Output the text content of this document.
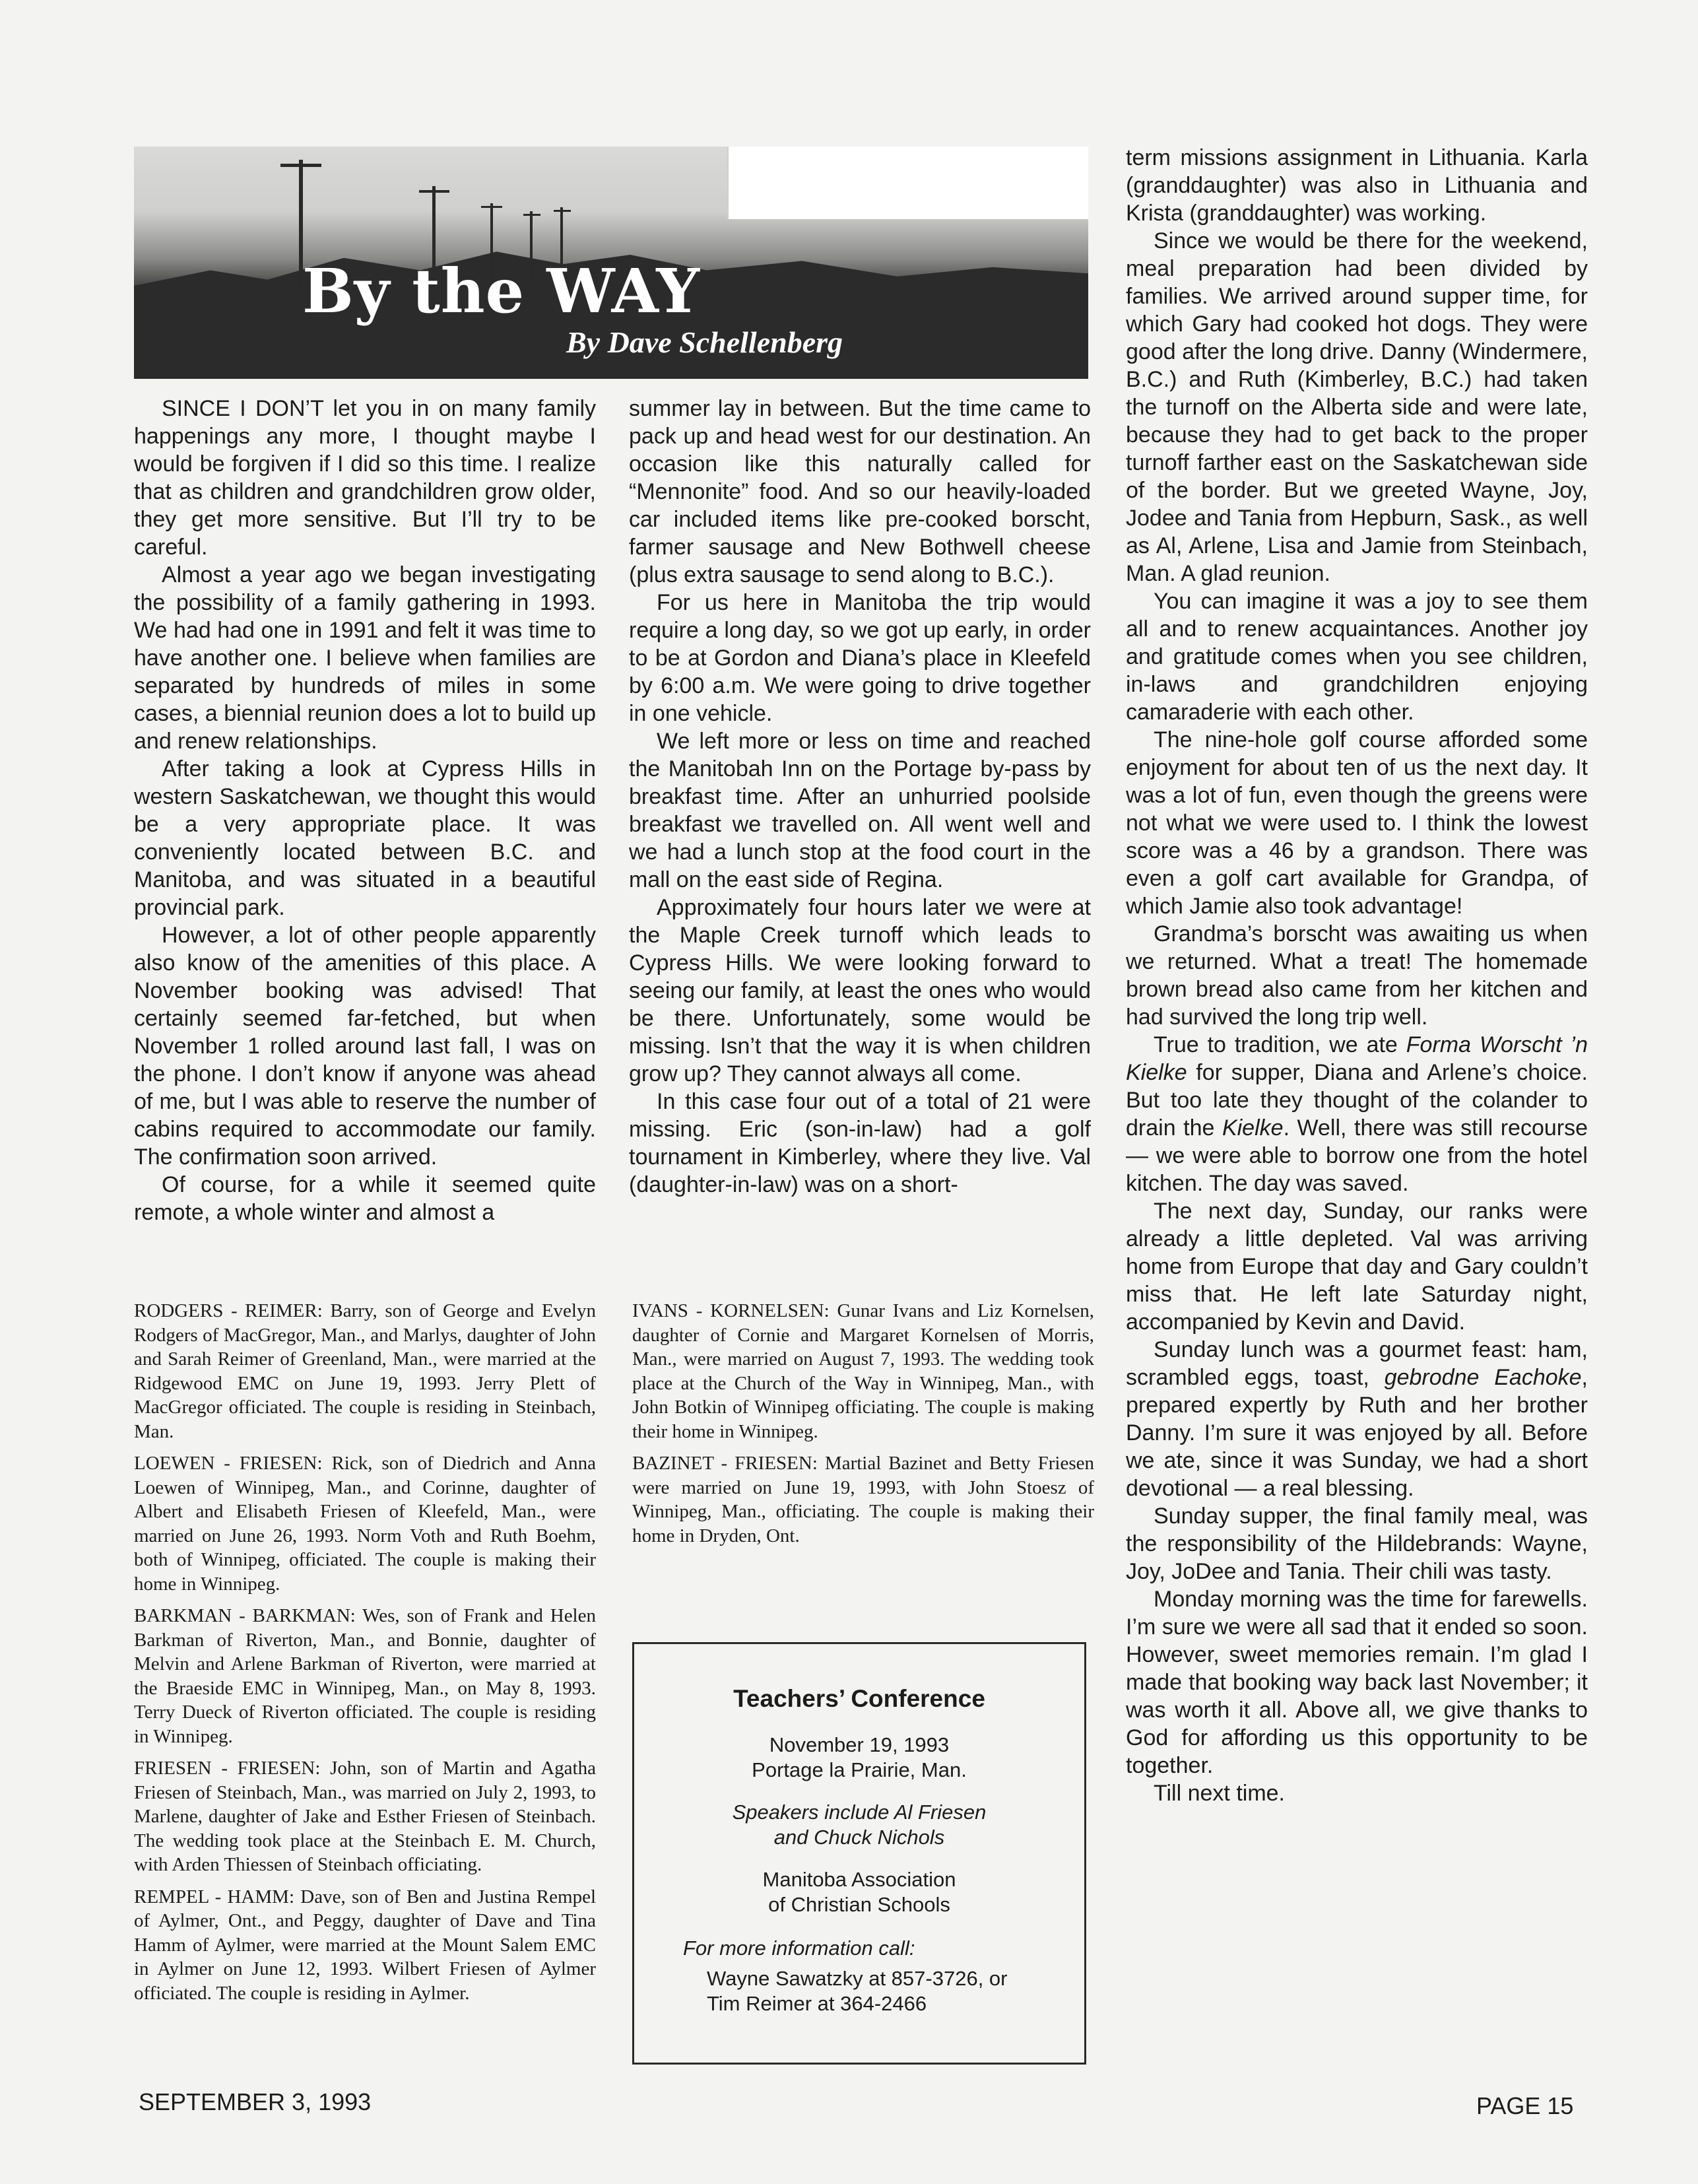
By the WAY
By Dave Schellenberg

SINCE I DON’T let you in on many family happenings any more, I thought maybe I would be forgiven if I did so this time. I realize that as children and grandchildren grow older, they get more sensitive. But I’ll try to be careful.

Almost a year ago we began investigating the possibility of a family gathering in 1993. We had had one in 1991 and felt it was time to have another one. I believe when families are separated by hundreds of miles in some cases, a biennial reunion does a lot to build up and renew relationships.

After taking a look at Cypress Hills in western Saskatchewan, we thought this would be a very appropriate place. It was conveniently located between B.C. and Manitoba, and was situated in a beautiful provincial park.

However, a lot of other people apparently also know of the amenities of this place. A November booking was advised! That certainly seemed far-fetched, but when November 1 rolled around last fall, I was on the phone. I don’t know if anyone was ahead of me, but I was able to reserve the number of cabins required to accommodate our family. The confirmation soon arrived.

Of course, for a while it seemed quite remote, a whole winter and almost a

summer lay in between. But the time came to pack up and head west for our destination. An occasion like this naturally called for “Mennonite” food. And so our heavily-loaded car included items like pre-cooked borscht, farmer sausage and New Bothwell cheese (plus extra sausage to send along to B.C.).

For us here in Manitoba the trip would require a long day, so we got up early, in order to be at Gordon and Diana’s place in Kleefeld by 6:00 a.m. We were going to drive together in one vehicle.

We left more or less on time and reached the Manitobah Inn on the Portage by-pass by breakfast time. After an unhurried poolside breakfast we travelled on. All went well and we had a lunch stop at the food court in the mall on the east side of Regina.

Approximately four hours later we were at the Maple Creek turnoff which leads to Cypress Hills. We were looking forward to seeing our family, at least the ones who would be there. Unfortunately, some would be missing. Isn’t that the way it is when children grow up? They cannot always all come.

In this case four out of a total of 21 were missing. Eric (son-in-law) had a golf tournament in Kimberley, where they live. Val (daughter-in-law) was on a short-

term missions assignment in Lithuania. Karla (granddaughter) was also in Lithuania and Krista (granddaughter) was working.

Since we would be there for the weekend, meal preparation had been divided by families. We arrived around supper time, for which Gary had cooked hot dogs. They were good after the long drive. Danny (Windermere, B.C.) and Ruth (Kimberley, B.C.) had taken the turnoff on the Alberta side and were late, because they had to get back to the proper turnoff farther east on the Saskatchewan side of the border. But we greeted Wayne, Joy, Jodee and Tania from Hepburn, Sask., as well as Al, Arlene, Lisa and Jamie from Steinbach, Man. A glad reunion.

You can imagine it was a joy to see them all and to renew acquaintances. Another joy and gratitude comes when you see children, in-laws and grandchildren enjoying camaraderie with each other.

The nine-hole golf course afforded some enjoyment for about ten of us the next day. It was a lot of fun, even though the greens were not what we were used to. I think the lowest score was a 46 by a grandson. There was even a golf cart available for Grandpa, of which Jamie also took advantage!

Grandma’s borscht was awaiting us when we returned. What a treat! The homemade brown bread also came from her kitchen and had survived the long trip well.

True to tradition, we ate Forma Worscht ’n Kielke for supper, Diana and Arlene’s choice. But too late they thought of the colander to drain the Kielke. Well, there was still recourse — we were able to borrow one from the hotel kitchen. The day was saved.

The next day, Sunday, our ranks were already a little depleted. Val was arriving home from Europe that day and Gary couldn’t miss that. He left late Saturday night, accompanied by Kevin and David.

Sunday lunch was a gourmet feast: ham, scrambled eggs, toast, gebrodne Eachoke, prepared expertly by Ruth and her brother Danny. I’m sure it was enjoyed by all. Before we ate, since it was Sunday, we had a short devotional — a real blessing.

Sunday supper, the final family meal, was the responsibility of the Hildebrands: Wayne, Joy, JoDee and Tania. Their chili was tasty.

Monday morning was the time for farewells. I’m sure we were all sad that it ended so soon. However, sweet memories remain. I’m glad I made that booking way back last November; it was worth it all. Above all, we give thanks to God for affording us this opportunity to be together.

Till next time.

RODGERS - REIMER: Barry, son of George and Evelyn Rodgers of MacGregor, Man., and Marlys, daughter of John and Sarah Reimer of Greenland, Man., were married at the Ridgewood EMC on June 19, 1993. Jerry Plett of MacGregor officiated. The couple is residing in Steinbach, Man.

LOEWEN - FRIESEN: Rick, son of Diedrich and Anna Loewen of Winnipeg, Man., and Corinne, daughter of Albert and Elisabeth Friesen of Kleefeld, Man., were married on June 26, 1993. Norm Voth and Ruth Boehm, both of Winnipeg, officiated. The couple is making their home in Winnipeg.

BARKMAN - BARKMAN: Wes, son of Frank and Helen Barkman of Riverton, Man., and Bonnie, daughter of Melvin and Arlene Barkman of Riverton, were married at the Braeside EMC in Winnipeg, Man., on May 8, 1993. Terry Dueck of Riverton officiated. The couple is residing in Winnipeg.

FRIESEN - FRIESEN: John, son of Martin and Agatha Friesen of Steinbach, Man., was married on July 2, 1993, to Marlene, daughter of Jake and Esther Friesen of Steinbach. The wedding took place at the Steinbach E. M. Church, with Arden Thiessen of Steinbach officiating.

REMPEL - HAMM: Dave, son of Ben and Justina Rempel of Aylmer, Ont., and Peggy, daughter of Dave and Tina Hamm of Aylmer, were married at the Mount Salem EMC in Aylmer on June 12, 1993. Wilbert Friesen of Aylmer officiated. The couple is residing in Aylmer.

IVANS - KORNELSEN: Gunar Ivans and Liz Kornelsen, daughter of Cornie and Margaret Kornelsen of Morris, Man., were married on August 7, 1993. The wedding took place at the Church of the Way in Winnipeg, Man., with John Botkin of Winnipeg officiating. The couple is making their home in Winnipeg.

BAZINET - FRIESEN: Martial Bazinet and Betty Friesen were married on June 19, 1993, with John Stoesz of Winnipeg, Man., officiating. The couple is making their home in Dryden, Ont.

Teachers’ Conference
November 19, 1993
Portage la Prairie, Man.
Speakers include Al Friesen
and Chuck Nichols
Manitoba Association
of Christian Schools
For more information call:
Wayne Sawatzky at 857-3726, or
Tim Reimer at 364-2466
SEPTEMBER 3, 1993	PAGE 15
